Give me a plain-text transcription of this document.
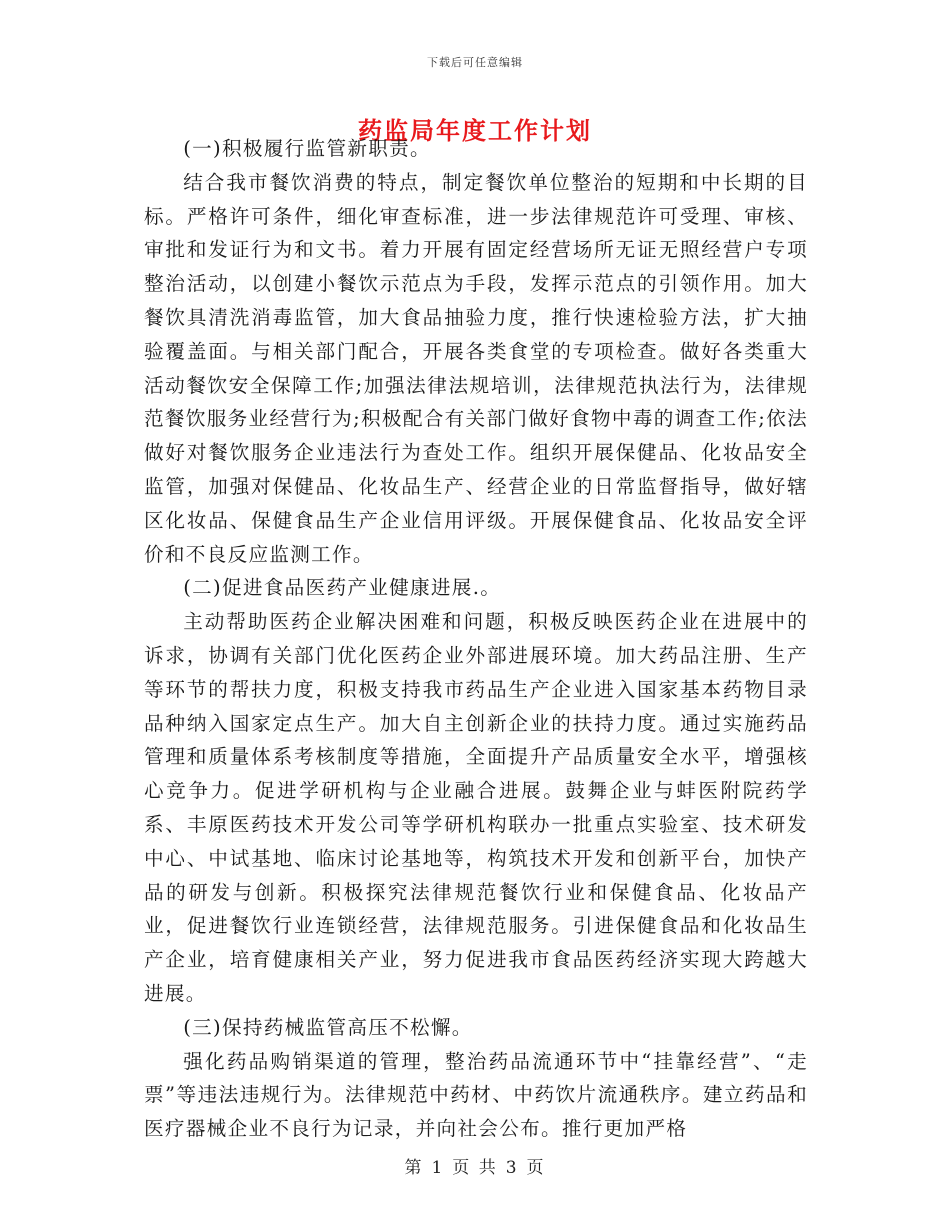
下载后可任意编辑
药监局年度工作计划

(一)积极履行监管新职责。

结合我市餐饮消费的特点，制定餐饮单位整治的短期和中长期的目标。严格许可条件，细化审查标准，进一步法律规范许可受理、审核、审批和发证行为和文书。着力开展有固定经营场所无证无照经营户专项整治活动，以创建小餐饮示范点为手段，发挥示范点的引领作用。加大餐饮具清洗消毒监管，加大食品抽验力度，推行快速检验方法，扩大抽验覆盖面。与相关部门配合，开展各类食堂的专项检查。做好各类重大活动餐饮安全保障工作;加强法律法规培训，法律规范执法行为，法律规范餐饮服务业经营行为;积极配合有关部门做好食物中毒的调查工作;依法做好对餐饮服务企业违法行为查处工作。组织开展保健品、化妆品安全监管，加强对保健品、化妆品生产、经营企业的日常监督指导，做好辖区化妆品、保健食品生产企业信用评级。开展保健食品、化妆品安全评价和不良反应监测工作。

(二)促进食品医药产业健康进展.。

主动帮助医药企业解决困难和问题，积极反映医药企业在进展中的诉求，协调有关部门优化医药企业外部进展环境。加大药品注册、生产等环节的帮扶力度，积极支持我市药品生产企业进入国家基本药物目录品种纳入国家定点生产。加大自主创新企业的扶持力度。通过实施药品管理和质量体系考核制度等措施，全面提升产品质量安全水平，增强核心竞争力。促进学研机构与企业融合进展。鼓舞企业与蚌医附院药学系、丰原医药技术开发公司等学研机构联办一批重点实验室、技术研发中心、中试基地、临床讨论基地等，构筑技术开发和创新平台，加快产品的研发与创新。积极探究法律规范餐饮行业和保健食品、化妆品产业，促进餐饮行业连锁经营，法律规范服务。引进保健食品和化妆品生产企业，培育健康相关产业，努力促进我市食品医药经济实现大跨越大进展。

(三)保持药械监管高压不松懈。

强化药品购销渠道的管理，整治药品流通环节中“挂靠经营”、“走票”等违法违规行为。法律规范中药材、中药饮片流通秩序。建立药品和医疗器械企业不良行为记录，并向社会公布。推行更加严格

第 1 页 共 3 页
